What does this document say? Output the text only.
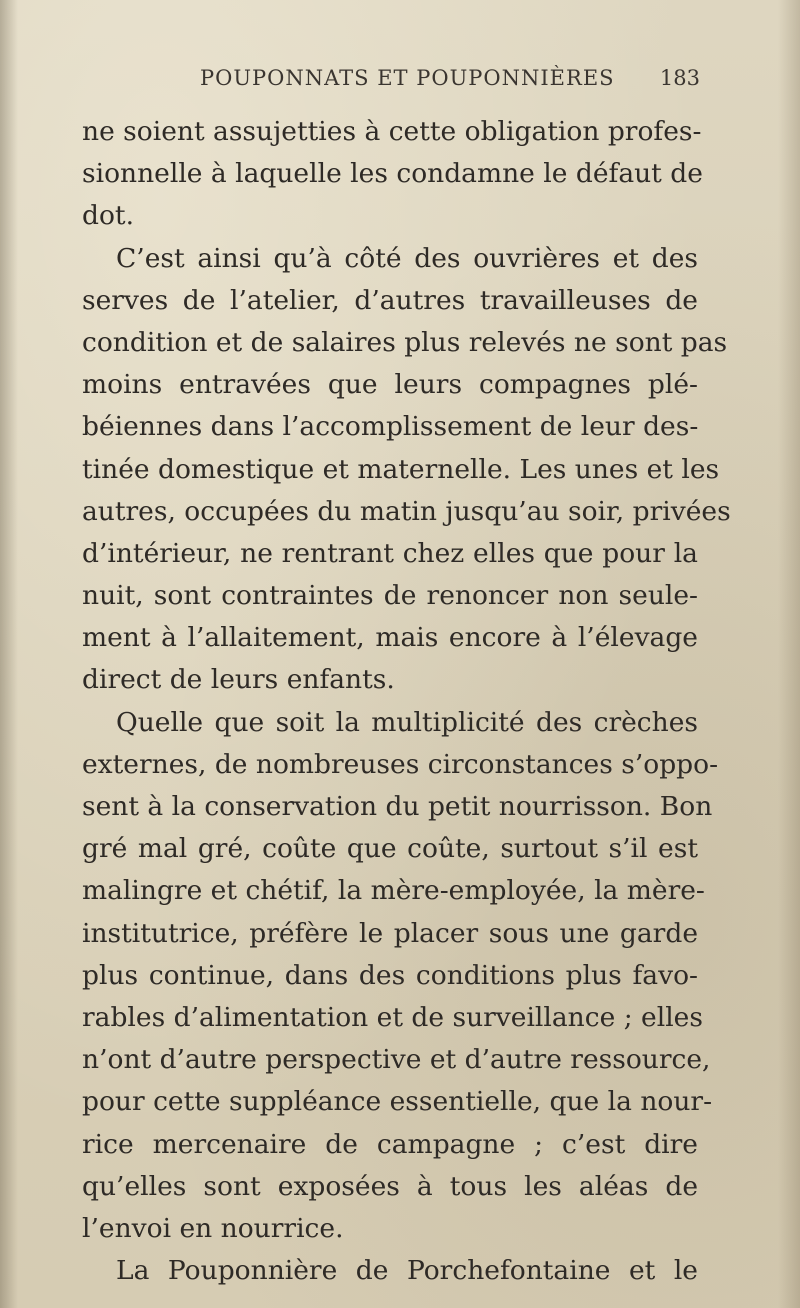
POUPONNATS ET POUPONNIÈRES 183
ne soient assujetties à cette obligation profes-
sionnelle à laquelle les condamne le défaut de
dot.
C’est ainsi qu’à côté des ouvrières et des
serves de l’atelier, d’autres travailleuses de
condition et de salaires plus relevés ne sont pas
moins entravées que leurs compagnes plé-
béiennes dans l’accomplissement de leur des-
tinée domestique et maternelle. Les unes et les
autres, occupées du matin jusqu’au soir, privées
d’intérieur, ne rentrant chez elles que pour la
nuit, sont contraintes de renoncer non seule-
ment à l’allaitement, mais encore à l’élevage
direct de leurs enfants.
Quelle que soit la multiplicité des crèches
externes, de nombreuses circonstances s’oppo-
sent à la conservation du petit nourrisson. Bon
gré mal gré, coûte que coûte, surtout s’il est
malingre et chétif, la mère-employée, la mère-
institutrice, préfère le placer sous une garde
plus continue, dans des conditions plus favo-
rables d’alimentation et de surveillance ; elles
n’ont d’autre perspective et d’autre ressource,
pour cette suppléance essentielle, que la nour-
rice mercenaire de campagne ; c’est dire
qu’elles sont exposées à tous les aléas de
l’envoi en nourrice.
La Pouponnière de Porchefontaine et le
